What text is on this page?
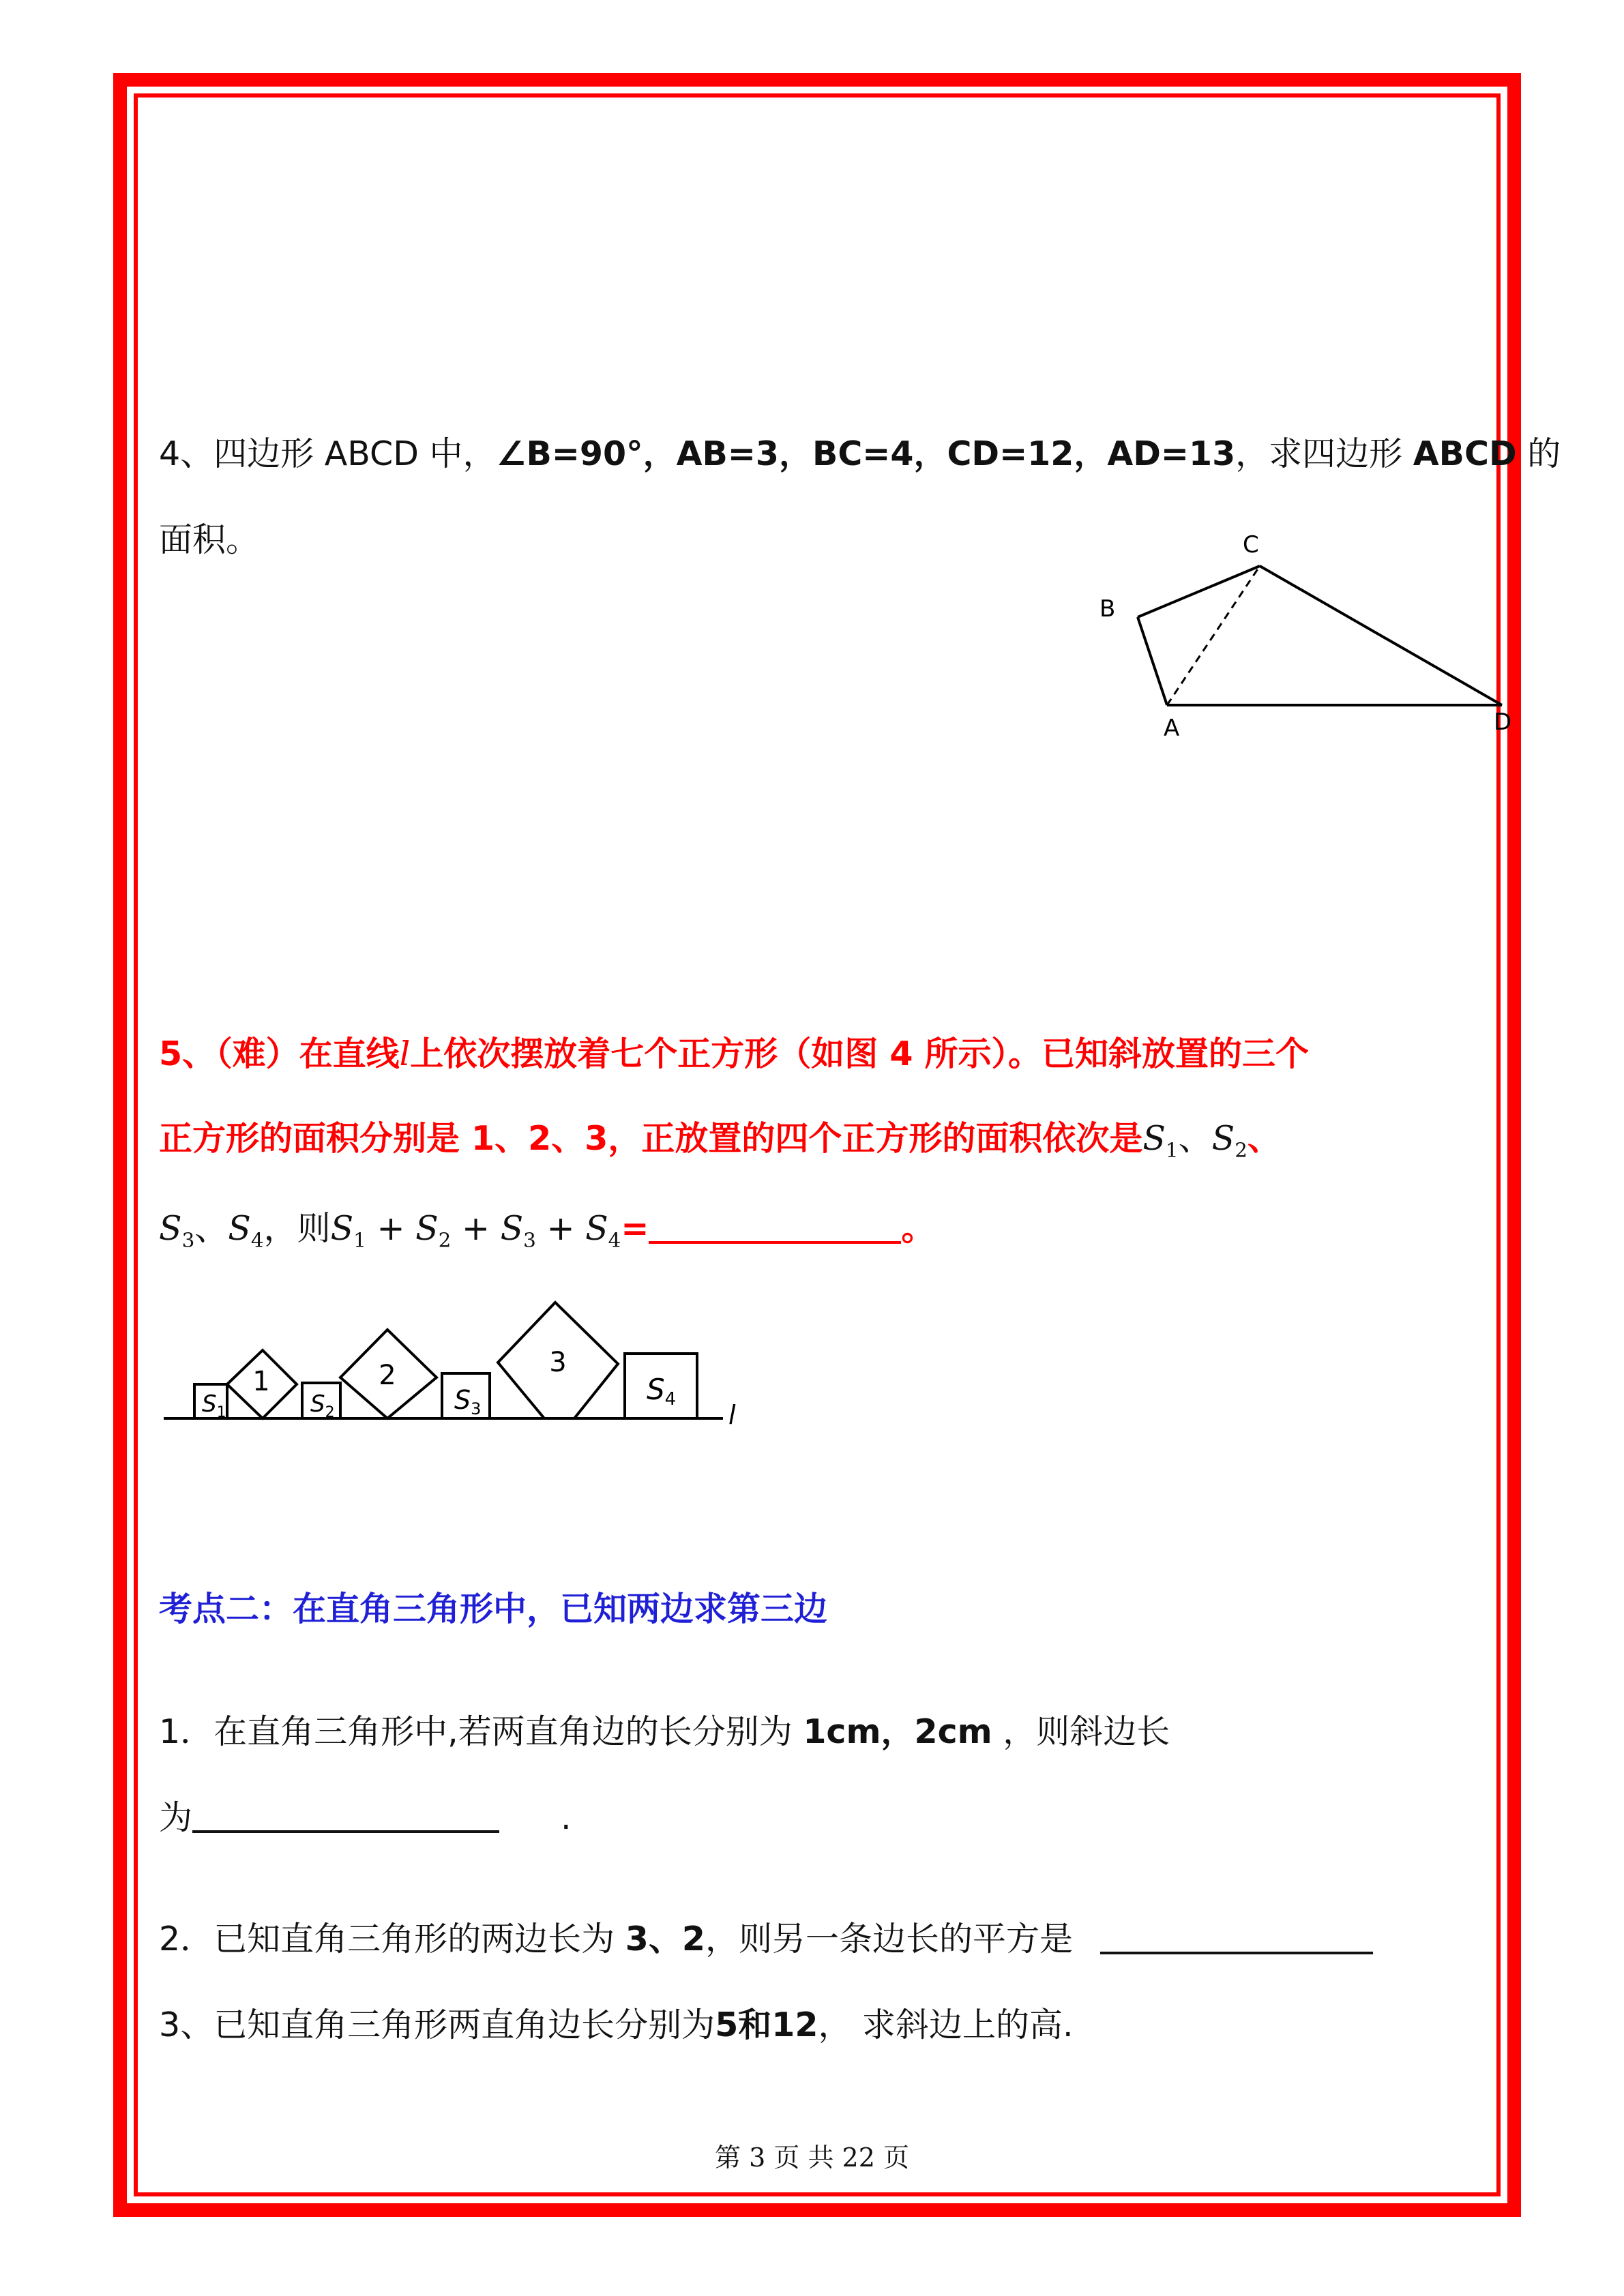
4、四边形 ABCD 中，∠B=90°，AB=3，BC=4，CD=12，AD=13，求四边形 ABCD 的
面积。	C
B
A	D
5、（难）在直线l上依次摆放着七个正方形（如图 4 所示）。已知斜放置的三个
正方形的面积分别是 1、2、3，正放置的四个正方形的面积依次是$S_1$、$S_2$、
$S_3$、$S_4$，则$S_1 + S_2 + S_3 + S_4=$	。
1	2	3
$S_1$	$S_2$	$S_3$
S4
l
考点二：在直角三角形中，已知两边求第三边
1．在直角三角形中,若两直角边的长分别为 1cm，2cm ，则斜边长
为	.
2．已知直角三角形的两边长为 3、2，则另一条边长的平方是
3、已知直角三角形两直角边长分别为5和12， 求斜边上的高.
第 3 页 共 22 页
